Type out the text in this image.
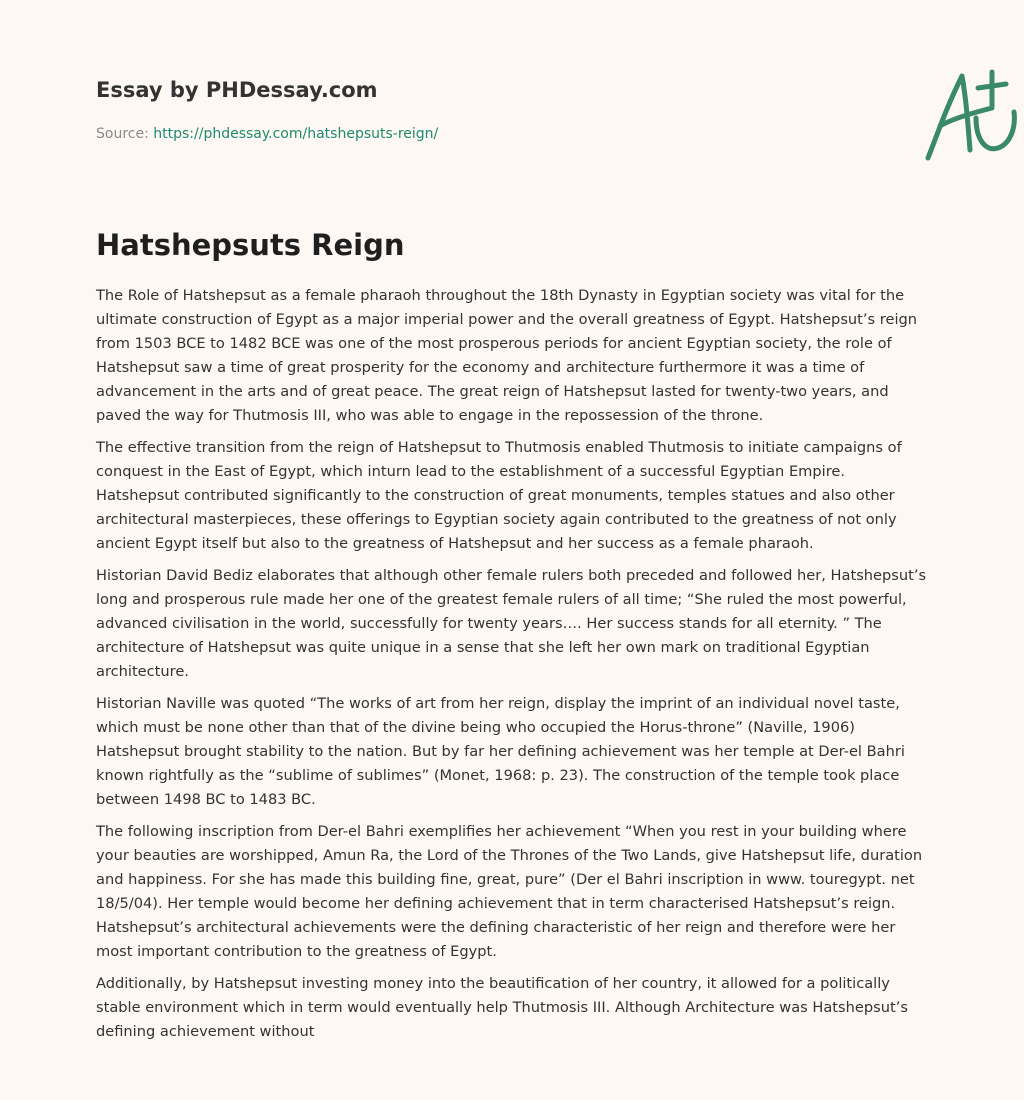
Essay by PHDessay.com
Source: https://phdessay.com/hatshepsuts-reign/
Hatshepsuts Reign

The Role of Hatshepsut as a female pharaoh throughout the 18th Dynasty in Egyptian society was vital for the ultimate construction of Egypt as a major imperial power and the overall greatness of Egypt. Hatshepsut’s reign from 1503 BCE to 1482 BCE was one of the most prosperous periods for ancient Egyptian society, the role of Hatshepsut saw a time of great prosperity for the economy and architecture furthermore it was a time of advancement in the arts and of great peace. The great reign of Hatshepsut lasted for twenty-two years, and paved the way for Thutmosis III, who was able to engage in the repossession of the throne.

The effective transition from the reign of Hatshepsut to Thutmosis enabled Thutmosis to initiate campaigns of conquest in the East of Egypt, which inturn lead to the establishment of a successful Egyptian Empire. Hatshepsut contributed significantly to the construction of great monuments, temples statues and also other architectural masterpieces, these offerings to Egyptian society again contributed to the greatness of not only ancient Egypt itself but also to the greatness of Hatshepsut and her success as a female pharaoh.

Historian David Bediz elaborates that although other female rulers both preceded and followed her, Hatshepsut’s long and prosperous rule made her one of the greatest female rulers of all time; “She ruled the most powerful, advanced civilisation in the world, successfully for twenty years…. Her success stands for all eternity. ” The architecture of Hatshepsut was quite unique in a sense that she left her own mark on traditional Egyptian architecture.

Historian Naville was quoted “The works of art from her reign, display the imprint of an individual novel taste, which must be none other than that of the divine being who occupied the Horus-throne” (Naville, 1906) Hatshepsut brought stability to the nation. But by far her defining achievement was her temple at Der-el Bahri known rightfully as the “sublime of sublimes” (Monet, 1968: p. 23). The construction of the temple took place between 1498 BC to 1483 BC.

The following inscription from Der-el Bahri exemplifies her achievement “When you rest in your building where your beauties are worshipped, Amun Ra, the Lord of the Thrones of the Two Lands, give Hatshepsut life, duration and happiness. For she has made this building fine, great, pure” (Der el Bahri inscription in www. touregypt. net 18/5/04). Her temple would become her defining achievement that in term characterised Hatshepsut’s reign. Hatshepsut’s architectural achievements were the defining characteristic of her reign and therefore were her most important contribution to the greatness of Egypt.

Additionally, by Hatshepsut investing money into the beautification of her country, it allowed for a politically stable environment which in term would eventually help Thutmosis III. Although Architecture was Hatshepsut’s defining achievement without
